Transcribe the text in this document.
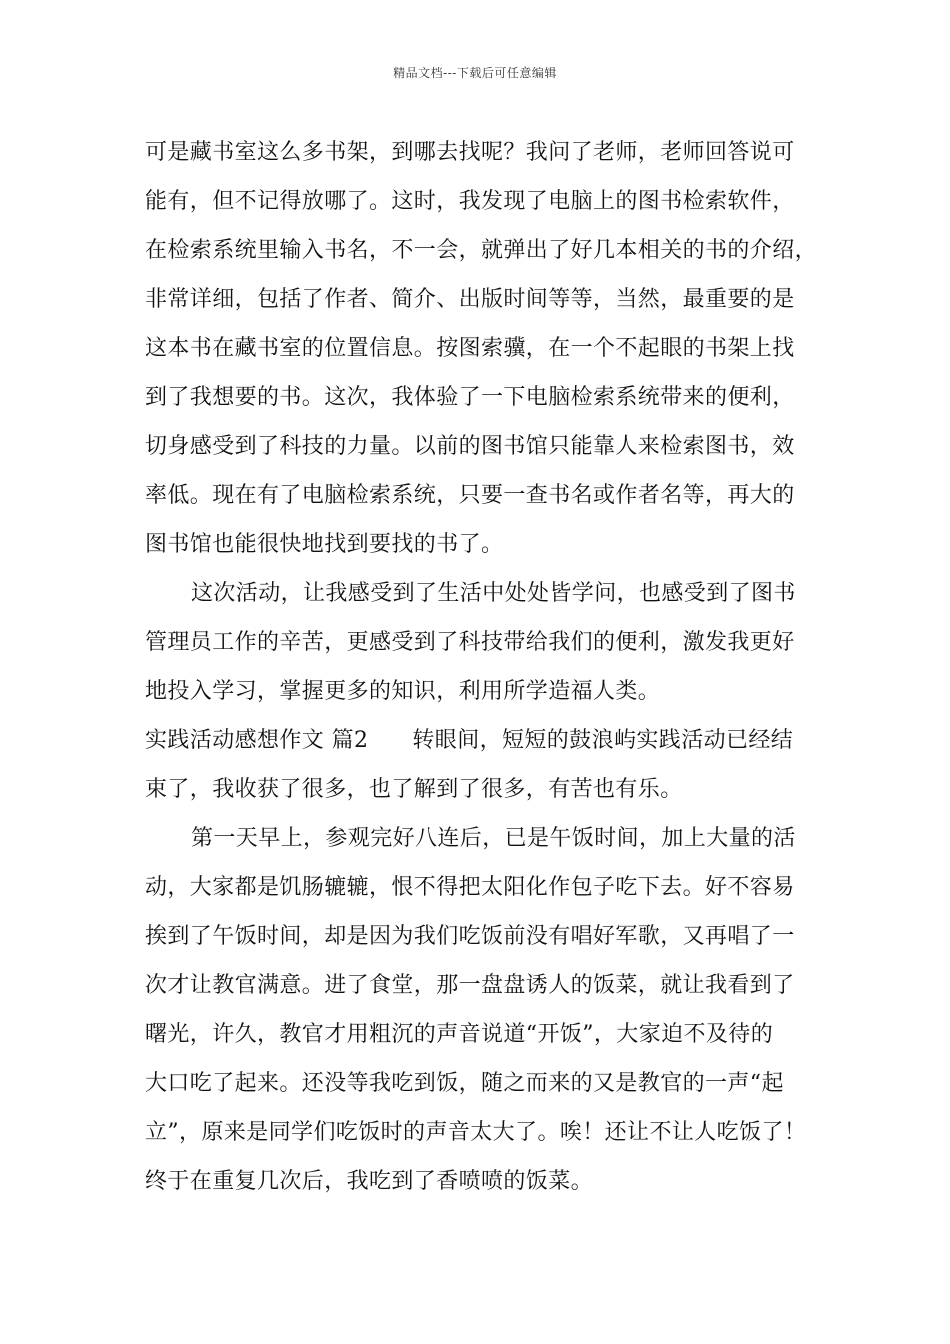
精品文档---下载后可任意编辑
可是藏书室这么多书架，到哪去找呢？我问了老师，老师回答说可
能有，但不记得放哪了。这时，我发现了电脑上的图书检索软件，
在检索系统里输入书名，不一会，就弹出了好几本相关的书的介绍，
非常详细，包括了作者、简介、出版时间等等，当然，最重要的是
这本书在藏书室的位置信息。按图索骥，在一个不起眼的书架上找
到了我想要的书。这次，我体验了一下电脑检索系统带来的便利，
切身感受到了科技的力量。以前的图书馆只能靠人来检索图书，效
率低。现在有了电脑检索系统，只要一查书名或作者名等，再大的
图书馆也能很快地找到要找的书了。
这次活动，让我感受到了生活中处处皆学问，也感受到了图书
管理员工作的辛苦，更感受到了科技带给我们的便利，激发我更好
地投入学习，掌握更多的知识，利用所学造福人类。
实践活动感想作文 篇2 转眼间，短短的鼓浪屿实践活动已经结
束了，我收获了很多，也了解到了很多，有苦也有乐。
第一天早上，参观完好八连后，已是午饭时间，加上大量的活
动，大家都是饥肠辘辘，恨不得把太阳化作包子吃下去。好不容易
挨到了午饭时间，却是因为我们吃饭前没有唱好军歌，又再唱了一
次才让教官满意。进了食堂，那一盘盘诱人的饭菜，就让我看到了
曙光，许久，教官才用粗沉的声音说道“开饭”，大家迫不及待的
大口吃了起来。还没等我吃到饭，随之而来的又是教官的一声“起
立”，原来是同学们吃饭时的声音太大了。唉！还让不让人吃饭了！
终于在重复几次后，我吃到了香喷喷的饭菜。
